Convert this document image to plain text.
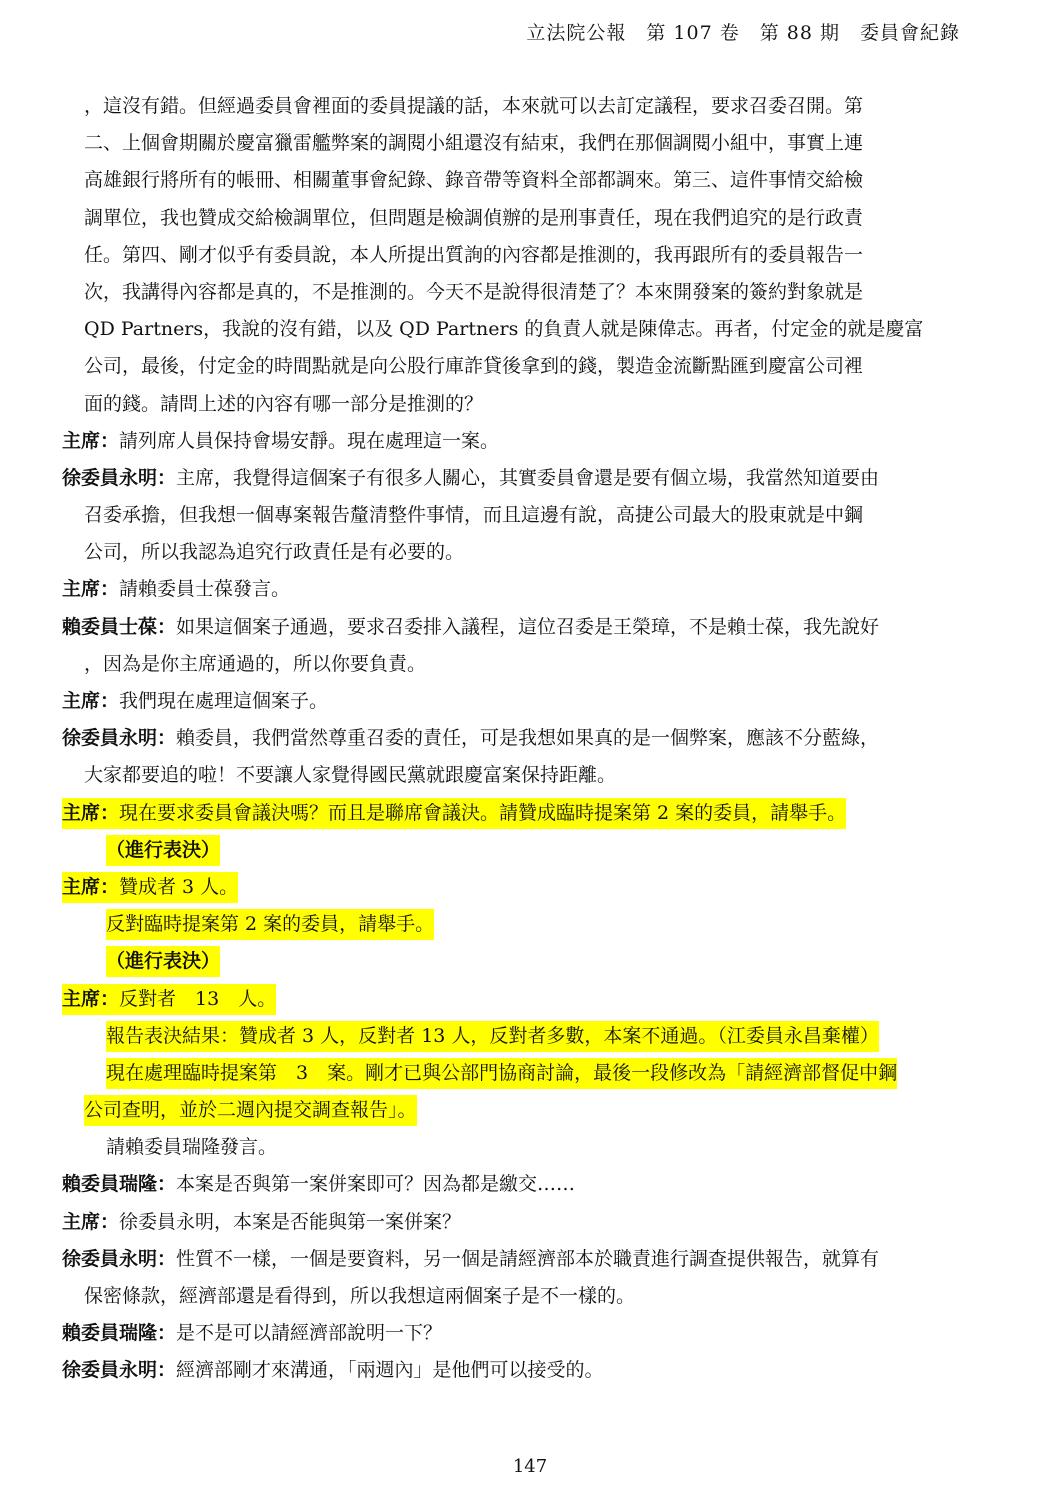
立法院公報　第 107 卷　第 88 期　委員會紀錄
，這沒有錯。但經過委員會裡面的委員提議的話，本來就可以去訂定議程，要求召委召開。第
二、上個會期關於慶富獵雷艦弊案的調閱小組還沒有結束，我們在那個調閱小組中，事實上連
高雄銀行將所有的帳冊、相關董事會紀錄、錄音帶等資料全部都調來。第三、這件事情交給檢
調單位，我也贊成交給檢調單位，但問題是檢調偵辦的是刑事責任，現在我們追究的是行政責
任。第四、剛才似乎有委員說，本人所提出質詢的內容都是推測的，我再跟所有的委員報告一
次，我講得內容都是真的，不是推測的。今天不是說得很清楚了？本來開發案的簽約對象就是
QD Partners，我說的沒有錯，以及 QD Partners 的負責人就是陳偉志。再者，付定金的就是慶富
公司，最後，付定金的時間點就是向公股行庫詐貸後拿到的錢，製造金流斷點匯到慶富公司裡
面的錢。請問上述的內容有哪一部分是推測的？
主席：請列席人員保持會場安靜。現在處理這一案。
徐委員永明：主席，我覺得這個案子有很多人關心，其實委員會還是要有個立場，我當然知道要由
召委承擔，但我想一個專案報告釐清整件事情，而且這邊有說，高捷公司最大的股東就是中鋼
公司，所以我認為追究行政責任是有必要的。
主席：請賴委員士葆發言。
賴委員士葆：如果這個案子通過，要求召委排入議程，這位召委是王榮璋，不是賴士葆，我先說好
，因為是你主席通過的，所以你要負責。
主席：我們現在處理這個案子。
徐委員永明：賴委員，我們當然尊重召委的責任，可是我想如果真的是一個弊案，應該不分藍綠，
大家都要追的啦！不要讓人家覺得國民黨就跟慶富案保持距離。
主席：現在要求委員會議決嗎？而且是聯席會議決。請贊成臨時提案第 2 案的委員，請舉手。
（進行表決）
主席：贊成者 3 人。
反對臨時提案第 2 案的委員，請舉手。
（進行表決）
主席：反對者　13　人。
報告表決結果：贊成者 3 人，反對者 13 人，反對者多數，本案不通過。（江委員永昌棄權）
現在處理臨時提案第　3　案。剛才已與公部門協商討論，最後一段修改為「請經濟部督促中鋼
公司查明，並於二週內提交調查報告」。
請賴委員瑞隆發言。
賴委員瑞隆：本案是否與第一案併案即可？因為都是繳交……
主席：徐委員永明，本案是否能與第一案併案？
徐委員永明：性質不一樣，一個是要資料，另一個是請經濟部本於職責進行調查提供報告，就算有
保密條款，經濟部還是看得到，所以我想這兩個案子是不一樣的。
賴委員瑞隆：是不是可以請經濟部說明一下？
徐委員永明：經濟部剛才來溝通，「兩週內」是他們可以接受的。
147
